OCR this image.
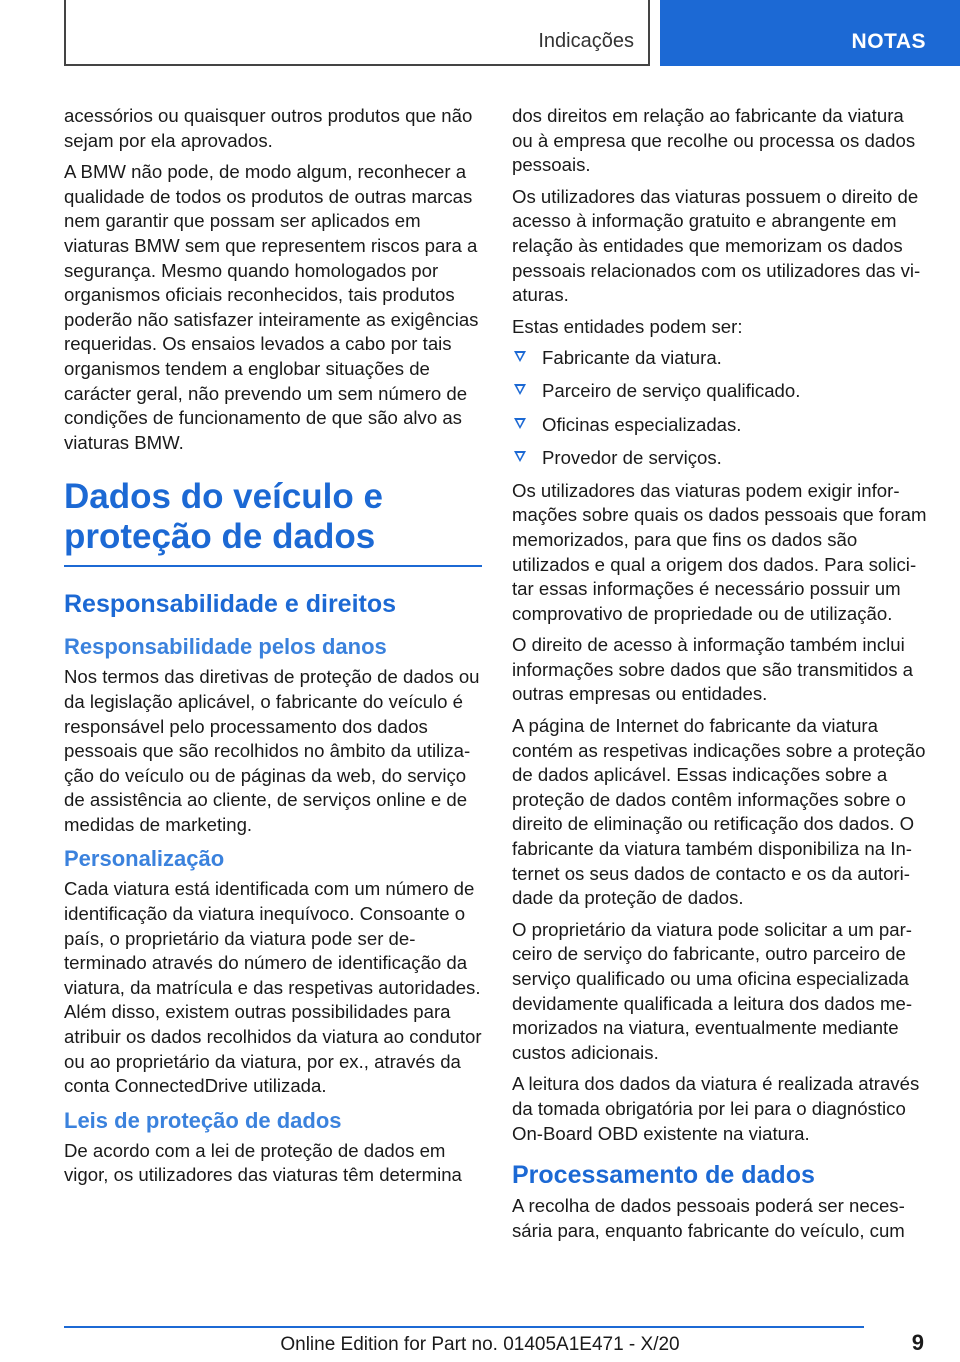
Indicações	NOTAS

acessórios ou quaisquer outros produtos que não sejam por ela aprovados.

A BMW não pode, de modo algum, reconhecer a qualidade de todos os produtos de outras marcas nem garantir que possam ser aplicados em viaturas BMW sem que representem riscos para a segurança. Mesmo quando homologados por organismos oficiais reconhecidos, tais produtos poderão não satisfazer inteiramente as exigências requeridas. Os ensaios levados a cabo por tais organismos tendem a englobar situações de carácter geral, não prevendo um sem número de condições de funcionamento de que são alvo as viaturas BMW.

Dados do veículo e
proteção de dados
Responsabilidade e direitos
Responsabilidade pelos danos

Nos termos das diretivas de proteção de dados ou da legislação aplicável, o fabricante do veículo é responsável pelo processamento dos dados pessoais que são recolhidos no âmbito da utilização do veículo ou de páginas da web, do serviço de assistência ao cliente, de serviços online e de medidas de marketing.

Personalização

Cada viatura está identificada com um número de identificação da viatura inequívoco. Consoante o país, o proprietário da viatura pode ser determinado através do número de identificação da viatura, da matrícula e das respetivas autoridades. Além disso, existem outras possibilidades para atribuir os dados recolhidos da viatura ao condutor ou ao proprietário da viatura, por ex., através da conta ConnectedDrive utilizada.

Leis de proteção de dados

De acordo com a lei de proteção de dados em vigor, os utilizadores das viaturas têm determina

dos direitos em relação ao fabricante da viatura ou à empresa que recolhe ou processa os dados pessoais.

Os utilizadores das viaturas possuem o direito de acesso à informação gratuito e abrangente em relação às entidades que memorizam os dados pessoais relacionados com os utilizadores das viaturas.

Estas entidades podem ser:

Fabricante da viatura.
Parceiro de serviço qualificado.
Oficinas especializadas.
Provedor de serviços.

Os utilizadores das viaturas podem exigir informações sobre quais os dados pessoais que foram memorizados, para que fins os dados são utilizados e qual a origem dos dados. Para solicitar essas informações é necessário possuir um comprovativo de propriedade ou de utilização.

O direito de acesso à informação também inclui informações sobre dados que são transmitidos a outras empresas ou entidades.

A página de Internet do fabricante da viatura contém as respetivas indicações sobre a proteção de dados aplicável. Essas indicações sobre a proteção de dados contêm informações sobre o direito de eliminação ou retificação dos dados. O fabricante da viatura também disponibiliza na Internet os seus dados de contacto e os da autoridade da proteção de dados.

O proprietário da viatura pode solicitar a um parceiro de serviço do fabricante, outro parceiro de serviço qualificado ou uma oficina especializada devidamente qualificada a leitura dos dados memorizados na viatura, eventualmente mediante custos adicionais.

A leitura dos dados da viatura é realizada através da tomada obrigatória por lei para o diagnóstico On-Board OBD existente na viatura.

Processamento de dados

A recolha de dados pessoais poderá ser necessária para, enquanto fabricante do veículo, cum

9
Online Edition for Part no. 01405A1E471 - X/20
